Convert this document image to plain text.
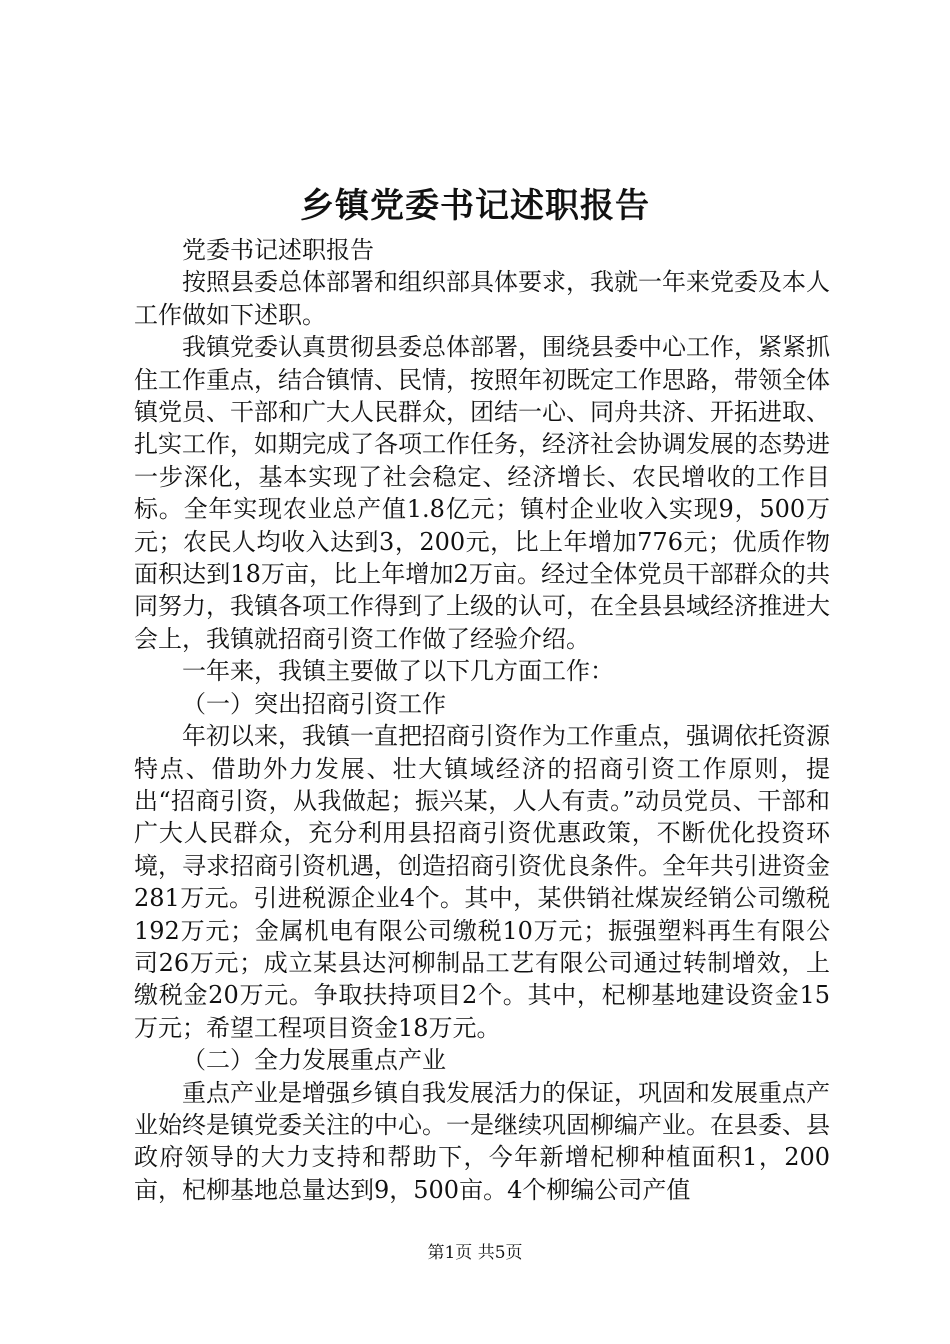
乡镇党委书记述职报告

党委书记述职报告

按照县委总体部署和组织部具体要求，我就一年来党委及本人工作做如下述职。

我镇党委认真贯彻县委总体部署，围绕县委中心工作，紧紧抓住工作重点，结合镇情、民情，按照年初既定工作思路，带领全体镇党员、干部和广大人民群众，团结一心、同舟共济、开拓进取、扎实工作，如期完成了各项工作任务，经济社会协调发展的态势进一步深化，基本实现了社会稳定、经济增长、农民增收的工作目标。全年实现农业总产值1.8亿元；镇村企业收入实现9，500万元；农民人均收入达到3，200元，比上年增加776元；优质作物面积达到18万亩，比上年增加2万亩。经过全体党员干部群众的共同努力，我镇各项工作得到了上级的认可，在全县县域经济推进大会上，我镇就招商引资工作做了经验介绍。

一年来，我镇主要做了以下几方面工作：

（一）突出招商引资工作

年初以来，我镇一直把招商引资作为工作重点，强调依托资源特点、借助外力发展、壮大镇域经济的招商引资工作原则，提出“招商引资，从我做起；振兴某，人人有责。”动员党员、干部和广大人民群众，充分利用县招商引资优惠政策，不断优化投资环境，寻求招商引资机遇，创造招商引资优良条件。全年共引进资金281万元。引进税源企业4个。其中，某供销社煤炭经销公司缴税192万元；金属机电有限公司缴税10万元；振强塑料再生有限公司26万元；成立某县达河柳制品工艺有限公司通过转制增效，上缴税金20万元。争取扶持项目2个。其中，杞柳基地建设资金15万元；希望工程项目资金18万元。

（二）全力发展重点产业

重点产业是增强乡镇自我发展活力的保证，巩固和发展重点产业始终是镇党委关注的中心。一是继续巩固柳编产业。在县委、县政府领导的大力支持和帮助下，今年新增杞柳种植面积1，200亩，杞柳基地总量达到9，500亩。4个柳编公司产值

第1页 共5页
